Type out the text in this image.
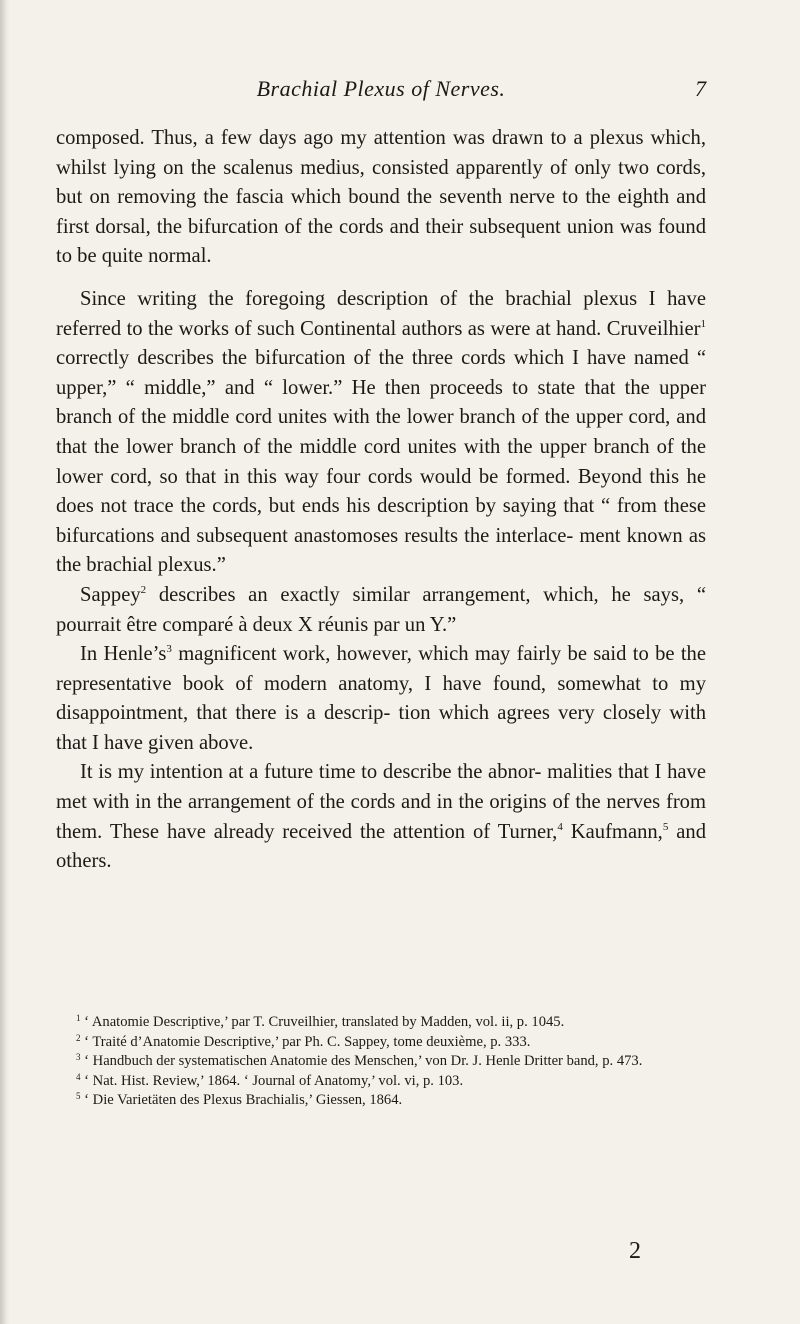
Brachial Plexus of Nerves.	7

composed. Thus, a few days ago my attention was drawn to a plexus which, whilst lying on the scalenus medius, consisted apparently of only two cords, but on removing the fascia which bound the seventh nerve to the eighth and first dorsal, the bifurcation of the cords and their subsequent union was found to be quite normal.

Since writing the foregoing description of the brachial plexus I have referred to the works of such Continental authors as were at hand. Cruveilhier$^1$ correctly describes the bifurcation of the three cords which I have named “ upper,” “ middle,” and “ lower.” He then proceeds to state that the upper branch of the middle cord unites with the lower branch of the upper cord, and that the lower branch of the middle cord unites with the upper branch of the lower cord, so that in this way four cords would be formed. Beyond this he does not trace the cords, but ends his description by saying that “ from these bifurcations and subsequent anastomoses results the interlace- ment known as the brachial plexus.”

Sappey$^2$ describes an exactly similar arrangement, which, he says, “ pourrait être comparé à deux X réunis par un Y.”

In $Henle’s^3$ magnificent work, however, which may fairly be said to be the representative book of modern anatomy, I have found, somewhat to my disappointment, that there is a descrip- tion which agrees very closely with that I have given above.

It is my intention at a future time to describe the abnor- malities that I have met with in the arrangement of the cords and in the origins of the nerves from them. These have already received the attention of Turner,$^4$ Kaufmann,$^5$ and others.

$^1$ ‘ Anatomie Descriptive,’ par T. Cruveilhier, translated by Madden, vol. ii, p. 1045.

$^2$ ‘ Traité d’Anatomie Descriptive,’ par Ph. C. Sappey, tome deuxième, p. 333.

$^3$ ‘ Handbuch der systematischen Anatomie des Menschen,’ von Dr. J. Henle Dritter band, p. 473.

$^4$ ‘ Nat. Hist. Review,’ 1864. ‘ Journal of Anatomy,’ vol. vi, p. 103.

$^5$ ‘ Die Varietäten des Plexus Brachialis,’ Giessen, 1864.

2
